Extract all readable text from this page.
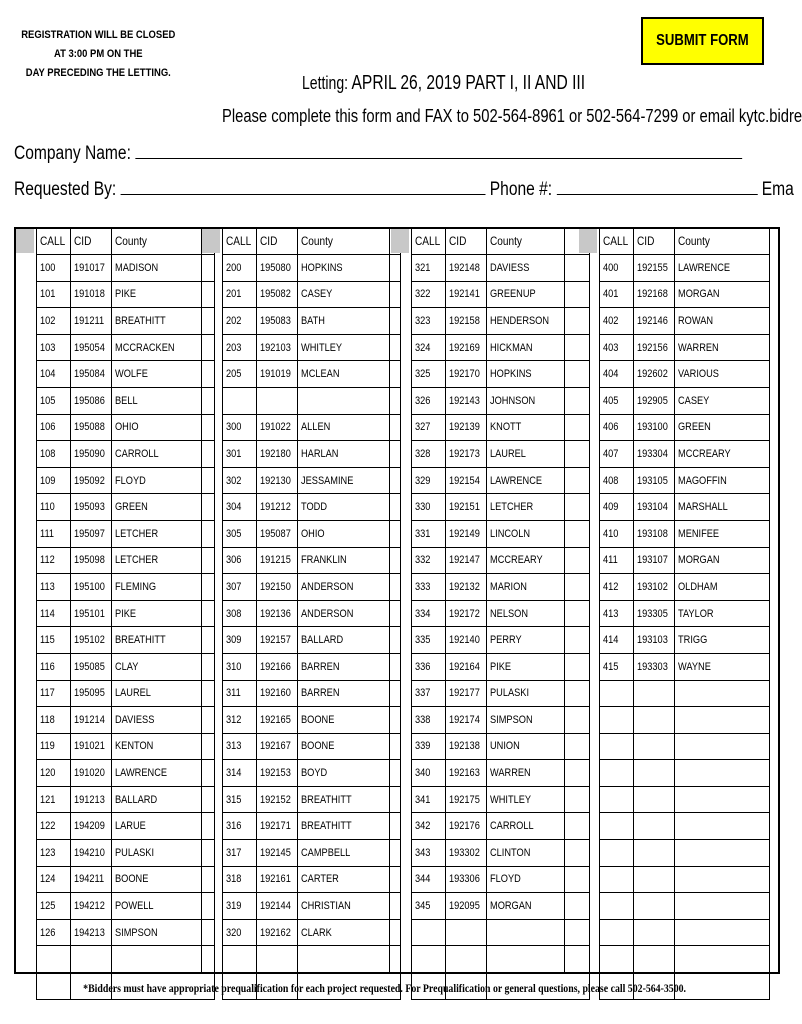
REGISTRATION WILL BE CLOSED
AT 3:00 PM ON THE
DAY PRECEDING THE LETTING.
SUBMIT FORM
Letting: APRIL 26, 2019 PART I, II AND III
Please complete this form and FAX to 502-564-8961 or 502-564-7299 or email kytc.bidre
Company Name:
Requested By:	Phone #:	Ema
CALL	CID	County
100	191017	MADISON
101	191018	PIKE
102	191211	BREATHITT
103	195054	MCCRACKEN
104	195084	WOLFE
105	195086	BELL
106	195088	OHIO
108	195090	CARROLL
109	195092	FLOYD
110	195093	GREEN
111	195097	LETCHER
112	195098	LETCHER
113	195100	FLEMING
114	195101	PIKE
115	195102	BREATHITT
116	195085	CLAY
117	195095	LAUREL
118	191214	DAVIESS
119	191021	KENTON
120	191020	LAWRENCE
121	191213	BALLARD
122	194209	LARUE
123	194210	PULASKI
124	194211	BOONE
125	194212	POWELL
126	194213	SIMPSON

CALL	CID	County
200	195080	HOPKINS
201	195082	CASEY
202	195083	BATH
203	192103	WHITLEY
205	191019	MCLEAN

300	191022	ALLEN
301	192180	HARLAN
302	192130	JESSAMINE
304	191212	TODD
305	195087	OHIO
306	191215	FRANKLIN
307	192150	ANDERSON
308	192136	ANDERSON
309	192157	BALLARD
310	192166	BARREN
311	192160	BARREN
312	192165	BOONE
313	192167	BOONE
314	192153	BOYD
315	192152	BREATHITT
316	192171	BREATHITT
317	192145	CAMPBELL
318	192161	CARTER
319	192144	CHRISTIAN
320	192162	CLARK

CALL	CID	County
321	192148	DAVIESS
322	192141	GREENUP
323	192158	HENDERSON
324	192169	HICKMAN
325	192170	HOPKINS
326	192143	JOHNSON
327	192139	KNOTT
328	192173	LAUREL
329	192154	LAWRENCE
330	192151	LETCHER
331	192149	LINCOLN
332	192147	MCCREARY
333	192132	MARION
334	192172	NELSON
335	192140	PERRY
336	192164	PIKE
337	192177	PULASKI
338	192174	SIMPSON
339	192138	UNION
340	192163	WARREN
341	192175	WHITLEY
342	192176	CARROLL
343	193302	CLINTON
344	193306	FLOYD
345	192095	MORGAN

CALL	CID	County
400	192155	LAWRENCE
401	192168	MORGAN
402	192146	ROWAN
403	192156	WARREN
404	192602	VARIOUS
405	192905	CASEY
406	193100	GREEN
407	193304	MCCREARY
408	193105	MAGOFFIN
409	193104	MARSHALL
410	193108	MENIFEE
411	193107	MORGAN
412	193102	OLDHAM
413	193305	TAYLOR
414	193103	TRIGG
415	193303	WAYNE

*Bidders must have appropriate prequalification for each project requested. For Prequalification or general questions, please call 502-564-3500.
